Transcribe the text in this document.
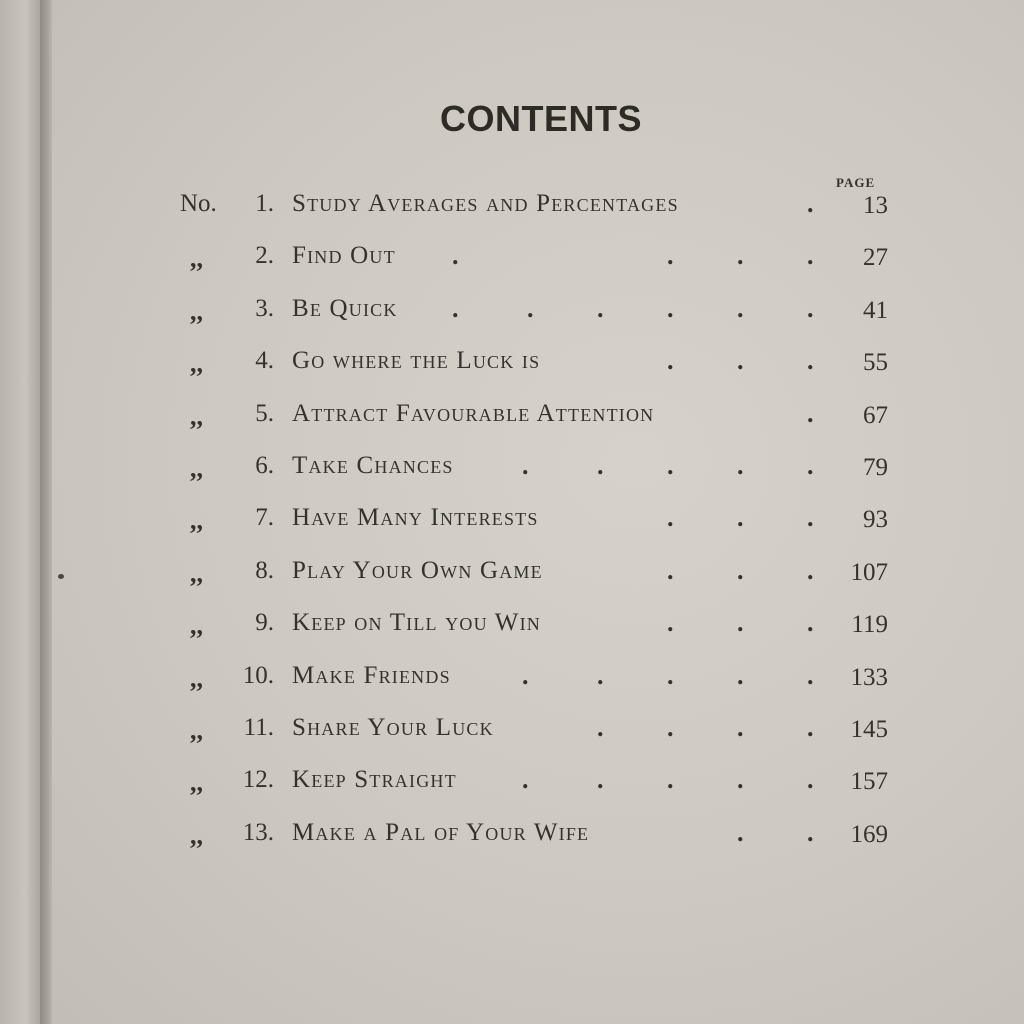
CONTENTS
PAGE
No. 1. Study Averages and Percentages	. 13
,, 2. Find Out .	. . . 27
,, 3. Be Quick .	. . . . . 41
,, 4. Go where the Luck is	. . . 55
,, 5. Attract Favourable Attention	. 67
,, 6. Take Chances	.	. . . . 79
,, 7. Have Many Interests	. . . 93
,, 8. Play Your Own Game	. . . 107
,, 9. Keep on Till you Win	. . . 119
,, 10. Make Friends	.	. . . . 133
,, 11. Share Your Luck	. . . . 145
,, 12. Keep Straight	.	. . . . 157
,, 13. Make a Pal of Your Wife	. . 169
